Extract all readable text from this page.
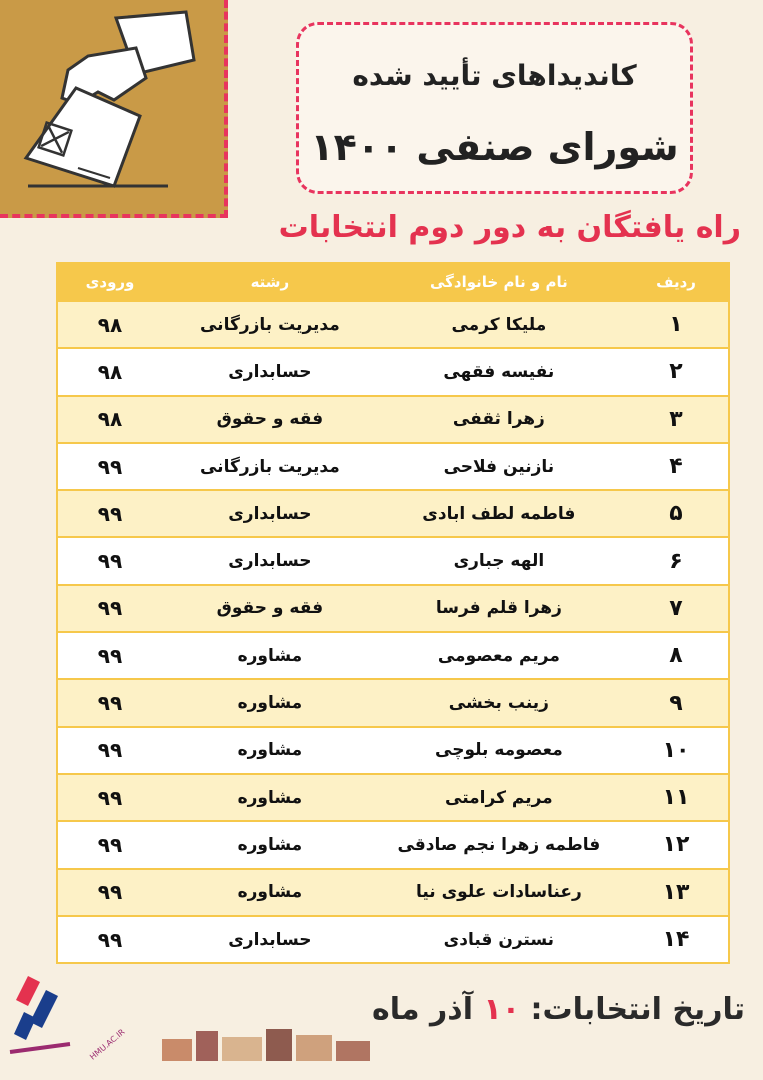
کاندیداهای تأیید شده
شورای صنفی ۱۴۰۰
راه یافتگان به دور دوم انتخابات
ردیف	نام و نام خانوادگی	رشته	ورودی
۱	ملیکا کرمی	مدیریت بازرگانی	۹۸
۲	نفیسه فقهی	حسابداری	۹۸
۳	زهرا ثقفی	فقه و حقوق	۹۸
۴	نازنین فلاحی	مدیریت بازرگانی	۹۹
۵	فاطمه لطف ابادی	حسابداری	۹۹
۶	الهه جباری	حسابداری	۹۹
۷	زهرا قلم فرسا	فقه و حقوق	۹۹
۸	مریم معصومی	مشاوره	۹۹
۹	زینب بخشی	مشاوره	۹۹
۱۰	معصومه بلوچی	مشاوره	۹۹
۱۱	مریم کرامتی	مشاوره	۹۹
۱۲	فاطمه زهرا نجم صادقی	مشاوره	۹۹
۱۳	رعناسادات علوی نیا	مشاوره	۹۹
۱۴	نسترن قبادی	حسابداری	۹۹
تاریخ انتخابات: ۱۰ آذر ماه
HMU.AC.IR
